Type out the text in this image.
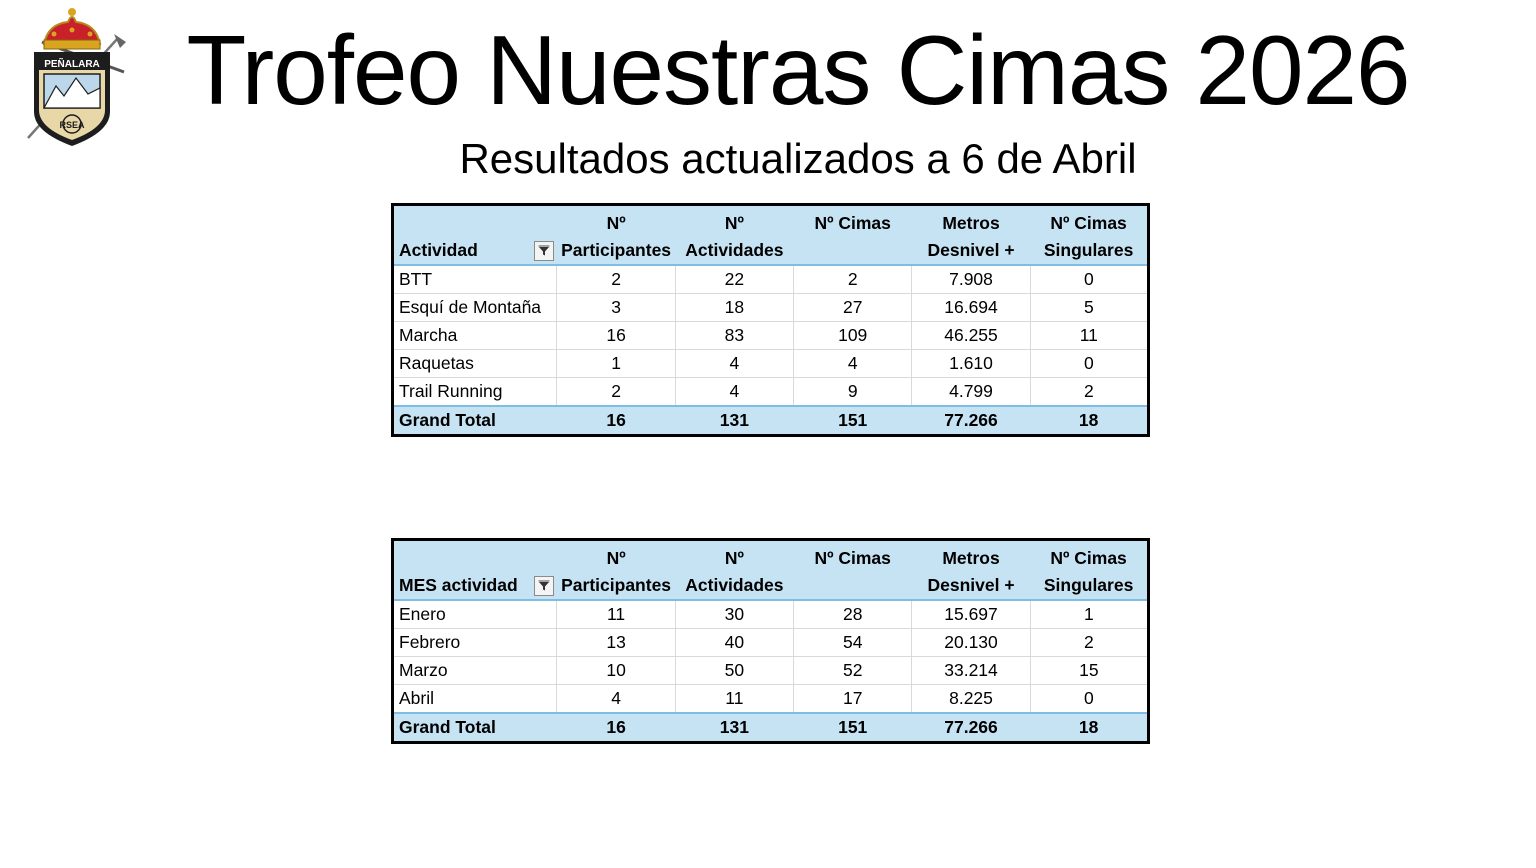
PEÑALARA
RSEA	Trofeo Nuestras Cimas 2026
Resultados actualizados a 6 de Abril
Actividad	Nº Participantes	Nº Actividades	Nº Cimas	Metros Desnivel +	Nº Cimas Singulares
BTT	2	22	2	7.908	0
Esquí de Montaña	3	18	27	16.694	5
Marcha	16	83	109	46.255	11
Raquetas	1	4	4	1.610	0
Trail Running	2	4	9	4.799	2
Grand Total	16	131	151	77.266	18
MES actividad	Nº Participantes	Nº Actividades	Nº Cimas	Metros Desnivel +	Nº Cimas Singulares
Enero	11	30	28	15.697	1
Febrero	13	40	54	20.130	2
Marzo	10	50	52	33.214	15
Abril	4	11	17	8.225	0
Grand Total	16	131	151	77.266	18
